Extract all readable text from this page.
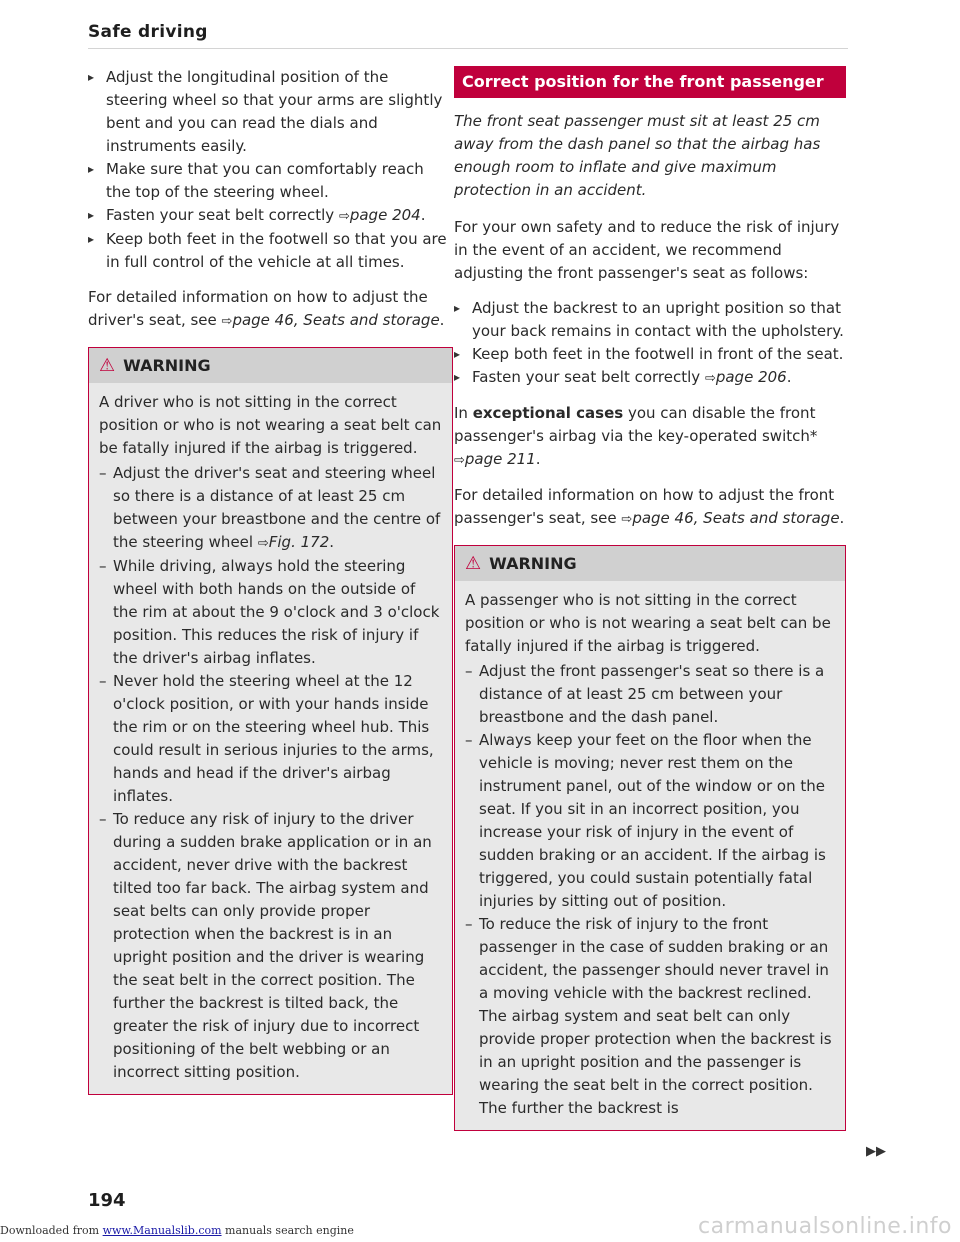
Safe driving
▸ Adjust the longitudinal position of the steering wheel so that your arms are slightly bent and you can read the dials and instruments easily.
▸ Make sure that you can comfortably reach the top of the steering wheel.
▸ Fasten your seat belt correctly ⇨page 204.
▸ Keep both feet in the footwell so that you are in full control of the vehicle at all times.

For detailed information on how to adjust the driver's seat, see ⇨page 46, Seats and storage.

⚠ WARNING

A driver who is not sitting in the correct position or who is not wearing a seat belt can be fatally injured if the airbag is triggered.

– Adjust the driver's seat and steering wheel so there is a distance of at least 25 cm between your breastbone and the centre of the steering wheel ⇨Fig. 172.
– While driving, always hold the steering wheel with both hands on the outside of the rim at about the 9 o'clock and 3 o'clock position. This reduces the risk of injury if the driver's airbag inflates.
– Never hold the steering wheel at the 12 o'clock position, or with your hands inside the rim or on the steering wheel hub. This could result in serious injuries to the arms, hands and head if the driver's airbag inflates.
– To reduce any risk of injury to the driver during a sudden brake application or in an accident, never drive with the backrest tilted too far back. The airbag system and seat belts can only provide proper protection when the backrest is in an upright position and the driver is wearing the seat belt in the correct position. The further the backrest is tilted back, the greater the risk of injury due to incorrect positioning of the belt webbing or an incorrect sitting position.
Correct position for the front passenger

The front seat passenger must sit at least 25 cm away from the dash panel so that the airbag has enough room to inflate and give maximum protection in an accident.

For your own safety and to reduce the risk of injury in the event of an accident, we recommend adjusting the front passenger's seat as follows:

▸ Adjust the backrest to an upright position so that your back remains in contact with the upholstery.
▸ Keep both feet in the footwell in front of the seat.
▸ Fasten your seat belt correctly ⇨page 206.

In exceptional cases you can disable the front passenger's airbag via the key-operated switch* ⇨page 211.

For detailed information on how to adjust the front passenger's seat, see ⇨page 46, Seats and storage.

⚠ WARNING

A passenger who is not sitting in the correct position or who is not wearing a seat belt can be fatally injured if the airbag is triggered.

– Adjust the front passenger's seat so there is a distance of at least 25 cm between your breastbone and the dash panel.
– Always keep your feet on the floor when the vehicle is moving; never rest them on the instrument panel, out of the window or on the seat. If you sit in an incorrect position, you increase your risk of injury in the event of sudden braking or an accident. If the airbag is triggered, you could sustain potentially fatal injuries by sitting out of position.
– To reduce the risk of injury to the front passenger in the case of sudden braking or an accident, the passenger should never travel in a moving vehicle with the backrest reclined. The airbag system and seat belt can only provide proper protection when the backrest is in an upright position and the passenger is wearing the seat belt in the correct position. The further the backrest is
▶▶
194
Downloaded from www.Manualslib.com manuals search engine	carmanualsonline.info
